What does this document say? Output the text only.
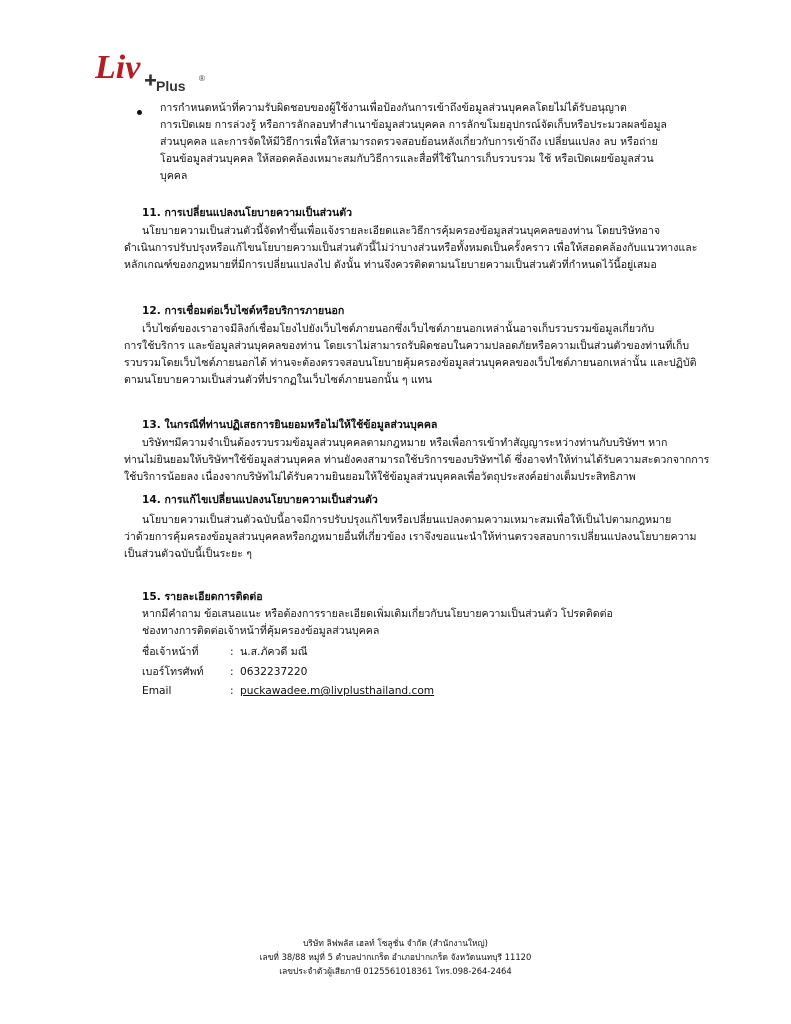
Liv Plus ®
การกำหนดหน้าที่ความรับผิดชอบของผู้ใช้งานเพื่อป้องกันการเข้าถึงข้อมูลส่วนบุคคลโดยไม่ได้รับอนุญาต
การเปิดเผย การล่วงรู้ หรือการลักลอบทำสำเนาข้อมูลส่วนบุคคล การลักขโมยอุปกรณ์จัดเก็บหรือประมวลผลข้อมูล
ส่วนบุคคล และการจัดให้มีวิธีการเพื่อให้สามารถตรวจสอบย้อนหลังเกี่ยวกับการเข้าถึง เปลี่ยนแปลง ลบ หรือถ่าย
โอนข้อมูลส่วนบุคคล ให้สอดคล้องเหมาะสมกับวิธีการและสื่อที่ใช้ในการเก็บรวบรวม ใช้ หรือเปิดเผยข้อมูลส่วน
บุคคล
11. การเปลี่ยนแปลงนโยบายความเป็นส่วนตัว
นโยบายความเป็นส่วนตัวนี้จัดทำขึ้นเพื่อแจ้งรายละเอียดและวิธีการคุ้มครองข้อมูลส่วนบุคคลของท่าน โดยบริษัทอาจ
ดำเนินการปรับปรุงหรือแก้ไขนโยบายความเป็นส่วนตัวนี้ไม่ว่าบางส่วนหรือทั้งหมดเป็นครั้งคราว เพื่อให้สอดคล้องกับแนวทางและ
หลักเกณฑ์ของกฎหมายที่มีการเปลี่ยนแปลงไป ดังนั้น ท่านจึงควรติดตามนโยบายความเป็นส่วนตัวที่กำหนดไว้นี้อยู่เสมอ
12. การเชื่อมต่อเว็บไซต์หรือบริการภายนอก
เว็บไซต์ของเราอาจมีลิงก์เชื่อมโยงไปยังเว็บไซต์ภายนอกซึ่งเว็บไซต์ภายนอกเหล่านั้นอาจเก็บรวบรวมข้อมูลเกี่ยวกับ
การใช้บริการ และข้อมูลส่วนบุคคลของท่าน โดยเราไม่สามารถรับผิดชอบในความปลอดภัยหรือความเป็นส่วนตัวของท่านที่เก็บ
รวบรวมโดยเว็บไซต์ภายนอกได้ ท่านจะต้องตรวจสอบนโยบายคุ้มครองข้อมูลส่วนบุคคลของเว็บไซต์ภายนอกเหล่านั้น และปฏิบัติ
ตามนโยบายความเป็นส่วนตัวที่ปรากฏในเว็บไซต์ภายนอกนั้น ๆ แทน
13. ในกรณีที่ท่านปฏิเสธการยินยอมหรือไม่ให้ใช้ข้อมูลส่วนบุคคล
บริษัทฯมีความจำเป็นต้องรวบรวมข้อมูลส่วนบุคคลตามกฎหมาย หรือเพื่อการเข้าทำสัญญาระหว่างท่านกับบริษัทฯ หาก
ท่านไม่ยินยอมให้บริษัทฯใช้ข้อมูลส่วนบุคคล ท่านยังคงสามารถใช้บริการของบริษัทฯได้ ซึ่งอาจทำให้ท่านได้รับความสะดวกจากการ
ใช้บริการน้อยลง เนื่องจากบริษัทไม่ได้รับความยินยอมให้ใช้ข้อมูลส่วนบุคคลเพื่อวัตถุประสงค์อย่างเต็มประสิทธิภาพ
14. การแก้ไขเปลี่ยนแปลงนโยบายความเป็นส่วนตัว
นโยบายความเป็นส่วนตัวฉบับนี้อาจมีการปรับปรุงแก้ไขหรือเปลี่ยนแปลงตามความเหมาะสมเพื่อให้เป็นไปตามกฎหมาย
ว่าด้วยการคุ้มครองข้อมูลส่วนบุคคลหรือกฎหมายอื่นที่เกี่ยวข้อง เราจึงขอแนะนำให้ท่านตรวจสอบการเปลี่ยนแปลงนโยบายความ
เป็นส่วนตัวฉบับนี้เป็นระยะ ๆ
15. รายละเอียดการติดต่อ
หากมีคำถาม ข้อเสนอแนะ หรือต้องการรายละเอียดเพิ่มเติมเกี่ยวกับนโยบายความเป็นส่วนตัว โปรดติดต่อ
ช่องทางการติดต่อเจ้าหน้าที่คุ้มครองข้อมูลส่วนบุคคล
ชื่อเจ้าหน้าที่	: น.ส.ภัควดี มณี
เบอร์โทรศัพท์	: 0632237220
Email	: puckawadee.m@livplusthailand.com
บริษัท ลิฟพลัส เฮลท์ โซลูชั่น จำกัด (สำนักงานใหญ่)
เลขที่ 38/88 หมู่ที่ 5 ตำบลปากเกร็ด อำเภอปากเกร็ด จังหวัดนนทบุรี 11120
เลขประจำตัวผู้เสียภาษี 0125561018361 โทร.098-264-2464
